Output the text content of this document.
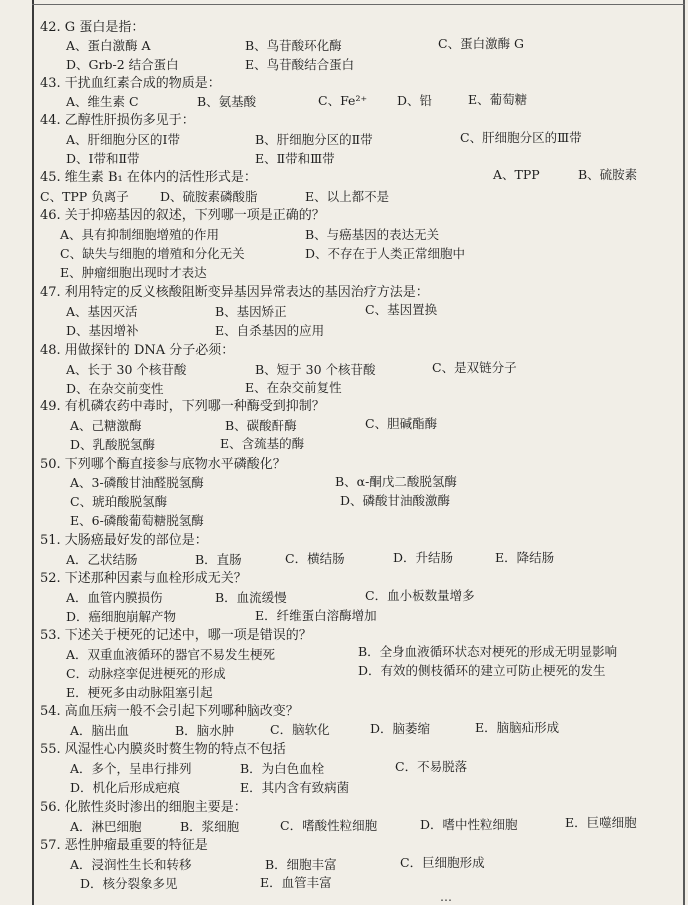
42. G 蛋白是指：
A、蛋白激酶 A	B、鸟苷酸环化酶	C、蛋白激酶 G
D、Grb-2 结合蛋白	E、鸟苷酸结合蛋白
43. 干扰血红素合成的物质是：
A、维生素 C	B、氨基酸	C、Fe²⁺ D、铅	E、葡萄糖
44. 乙醇性肝损伤多见于：
A、肝细胞分区的Ⅰ带	B、肝细胞分区的Ⅱ带	C、肝细胞分区的Ⅲ带
D、Ⅰ带和Ⅱ带	E、Ⅱ带和Ⅲ带
45. 维生素 B₁ 在体内的活性形式是：	A、TPP	B、硫胺素
C、TPP 负离子	D、硫胺素磷酸脂	E、以上都不是
46. 关于抑癌基因的叙述，下列哪一项是正确的？
A、具有抑制细胞增殖的作用	B、与癌基因的表达无关
C、缺失与细胞的增殖和分化无关	D、不存在于人类正常细胞中
E、肿瘤细胞出现时才表达
47. 利用特定的反义核酸阻断变异基因异常表达的基因治疗方法是：
A、基因灭活	B、基因矫正	C、基因置换
D、基因增补	E、自杀基因的应用
48. 用做探针的 DNA 分子必须：
A、长于 30 个核苷酸	B、短于 30 个核苷酸	C、是双链分子
D、在杂交前变性	E、在杂交前复性
49. 有机磷农药中毒时，下列哪一种酶受到抑制？
A、己糖激酶	B、碳酸酐酶	C、胆碱酯酶
D、乳酸脱氢酶	E、含巯基的酶
50. 下列哪个酶直接参与底物水平磷酸化？
A、3-磷酸甘油醛脱氢酶	B、α-酮戊二酸脱氢酶
C、琥珀酸脱氢酶	D、磷酸甘油酸激酶
E、6-磷酸葡萄糖脱氢酶
51. 大肠癌最好发的部位是：
A．乙状结肠	B．直肠	C．横结肠	D．升结肠	E．降结肠
52. 下述那种因素与血栓形成无关？
A．血管内膜损伤	B．血流缓慢	C．血小板数量增多
D．癌细胞崩解产物	E．纤维蛋白溶酶增加
53. 下述关于梗死的记述中，哪一项是错误的？
A．双重血液循环的器官不易发生梗死	B．全身血液循环状态对梗死的形成无明显影响
C．动脉痉挛促进梗死的形成	D．有效的侧枝循环的建立可防止梗死的发生
E．梗死多由动脉阻塞引起
54. 高血压病一般不会引起下列哪种脑改变？
A．脑出血	B．脑水肿	C．脑软化	D．脑萎缩	E．脑脑疝形成
55. 风湿性心内膜炎时赘生物的特点不包括
A．多个，呈串行排列	B．为白色血栓	C．不易脱落
D．机化后形成疤痕	E．其内含有致病菌
56. 化脓性炎时渗出的细胞主要是：
A．淋巴细胞	B．浆细胞	C．嗜酸性粒细胞	D．嗜中性粒细胞	E．巨噬细胞
57. 恶性肿瘤最重要的特征是
A．浸润性生长和转移	B．细胞丰富	C．巨细胞形成
D．核分裂象多见	E．血管丰富
…
